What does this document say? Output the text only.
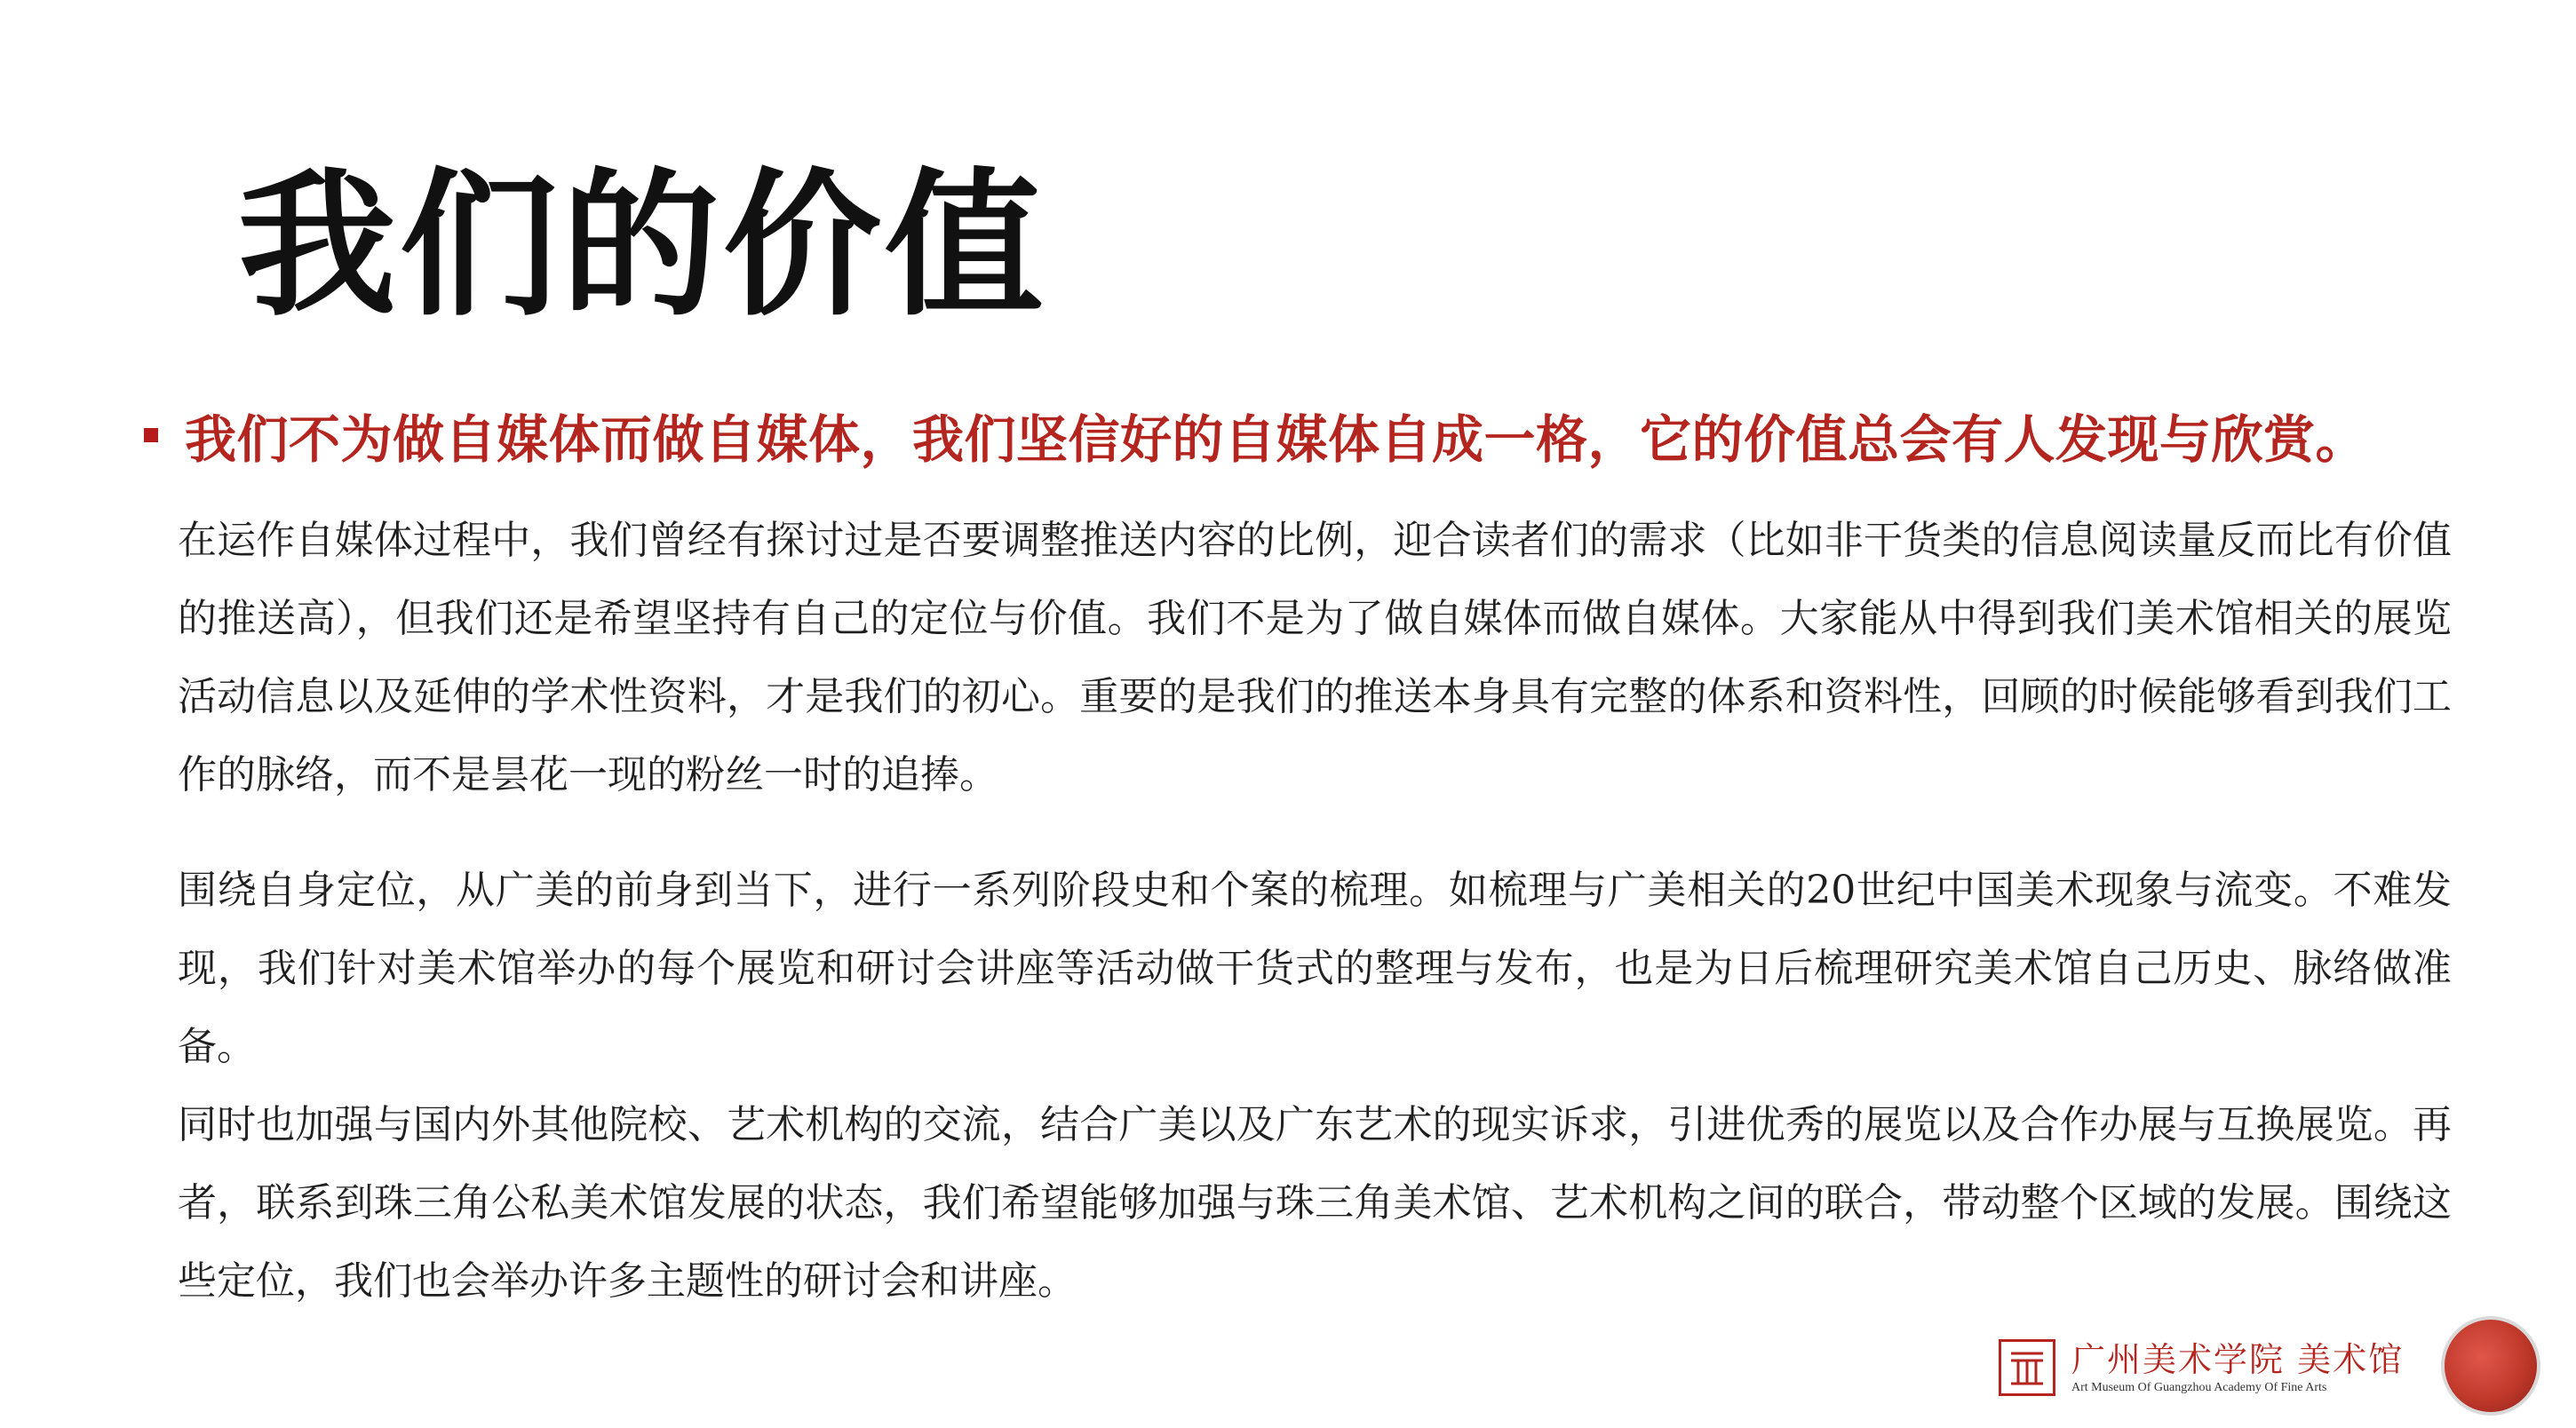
我们的价值
我们不为做自媒体而做自媒体，我们坚信好的自媒体自成一格，它的价值总会有人发现与欣赏。

在运作自媒体过程中，我们曾经有探讨过是否要调整推送内容的比例，迎合读者们的需求（比如非干货类的信息阅读量反而比有价值的推送高），但我们还是希望坚持有自己的定位与价值。我们不是为了做自媒体而做自媒体。大家能从中得到我们美术馆相关的展览活动信息以及延伸的学术性资料，才是我们的初心。重要的是我们的推送本身具有完整的体系和资料性，回顾的时候能够看到我们工作的脉络，而不是昙花一现的粉丝一时的追捧。

围绕自身定位，从广美的前身到当下，进行一系列阶段史和个案的梳理。如梳理与广美相关的20世纪中国美术现象与流变。不难发现，我们针对美术馆举办的每个展览和研讨会讲座等活动做干货式的整理与发布，也是为日后梳理研究美术馆自己历史、脉络做准备。

同时也加强与国内外其他院校、艺术机构的交流，结合广美以及广东艺术的现实诉求，引进优秀的展览以及合作办展与互换展览。再者，联系到珠三角公私美术馆发展的状态，我们希望能够加强与珠三角美术馆、艺术机构之间的联合，带动整个区域的发展。围绕这些定位，我们也会举办许多主题性的研讨会和讲座。

广州美术学院 美术馆
Art Museum Of Guangzhou Academy Of Fine Arts
